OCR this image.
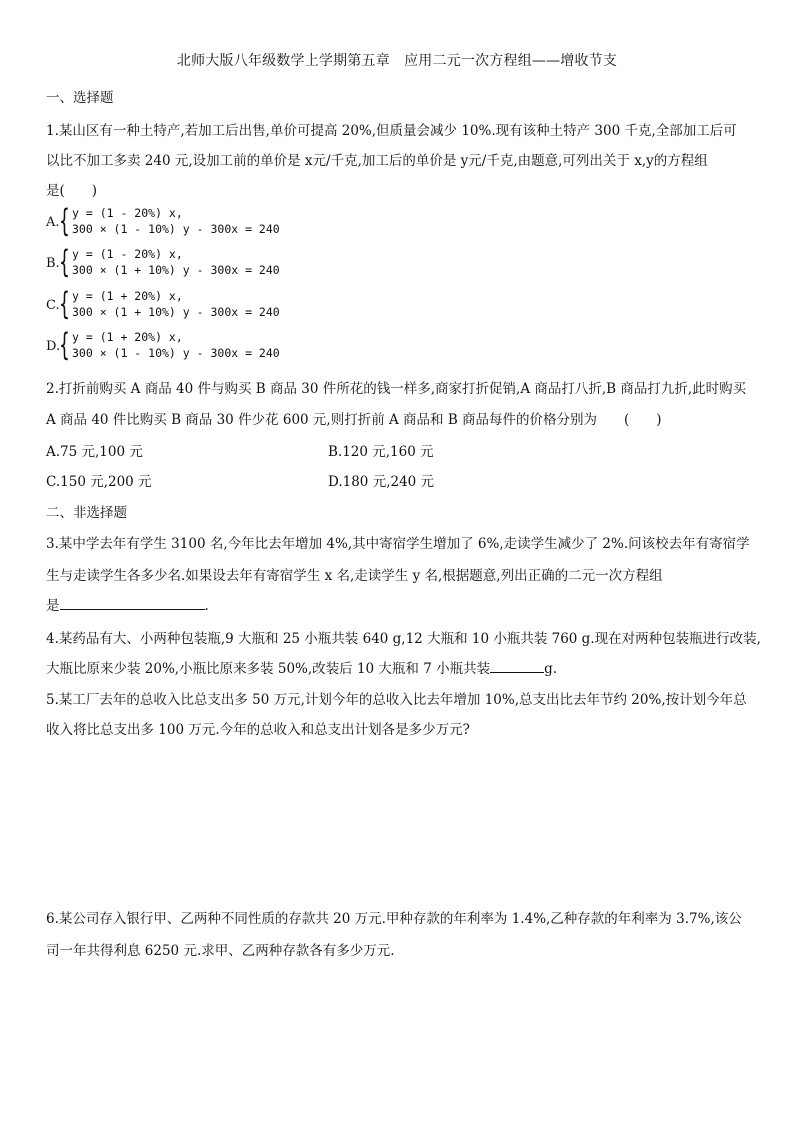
北师大版八年级数学上学期第五章　应用二元一次方程组——增收节支
一、选择题
1.某山区有一种土特产,若加工后出售,单价可提高 20%,但质量会减少 10%.现有该种土特产 300 千克,全部加工后可
以比不加工多卖 240 元,设加工前的单价是 x元/千克,加工后的单价是 y元/千克,由题意,可列出关于 x,y的方程组
是(　　)
A. { y = (1 - 20%) x,
300 × (1 - 10%) y - 300x = 240
B. { y = (1 - 20%) x,
300 × (1 + 10%) y - 300x = 240
C. { y = (1 + 20%) x,
300 × (1 + 10%) y - 300x = 240
D.
{ y = (1 + 20%) x,
300 × (1 - 10%) y - 300x = 240
2.打折前购买 A 商品 40 件与购买 B 商品 30 件所花的钱一样多,商家打折促销,A 商品打八折,B 商品打九折,此时购买
A 商品 40 件比购买 B 商品 30 件少花 600 元,则打折前 A 商品和 B 商品每件的价格分别为　　(　　)
A.75 元,100 元	B.120 元,160 元
C.150 元,200 元	D.180 元,240 元
二、非选择题
3.某中学去年有学生 3100 名,今年比去年增加 4%,其中寄宿学生增加了 6%,走读学生减少了 2%.问该校去年有寄宿学
生与走读学生各多少名.如果设去年有寄宿学生 x 名,走读学生 y 名,根据题意,列出正确的二元一次方程组
是	.
4.某药品有大、小两种包装瓶,9 大瓶和 25 小瓶共装 640 g,12 大瓶和 10 小瓶共装 760 g.现在对两种包装瓶进行改装,
大瓶比原来少装 20%,小瓶比原来多装 50%,改装后 10 大瓶和 7 小瓶共装	g.
5.某工厂去年的总收入比总支出多 50 万元,计划今年的总收入比去年增加 10%,总支出比去年节约 20%,按计划今年总
收入将比总支出多 100 万元.今年的总收入和总支出计划各是多少万元?
6.某公司存入银行甲、乙两种不同性质的存款共 20 万元.甲种存款的年利率为 1.4%,乙种存款的年利率为 3.7%,该公
司一年共得利息 6250 元.求甲、乙两种存款各有多少万元.
